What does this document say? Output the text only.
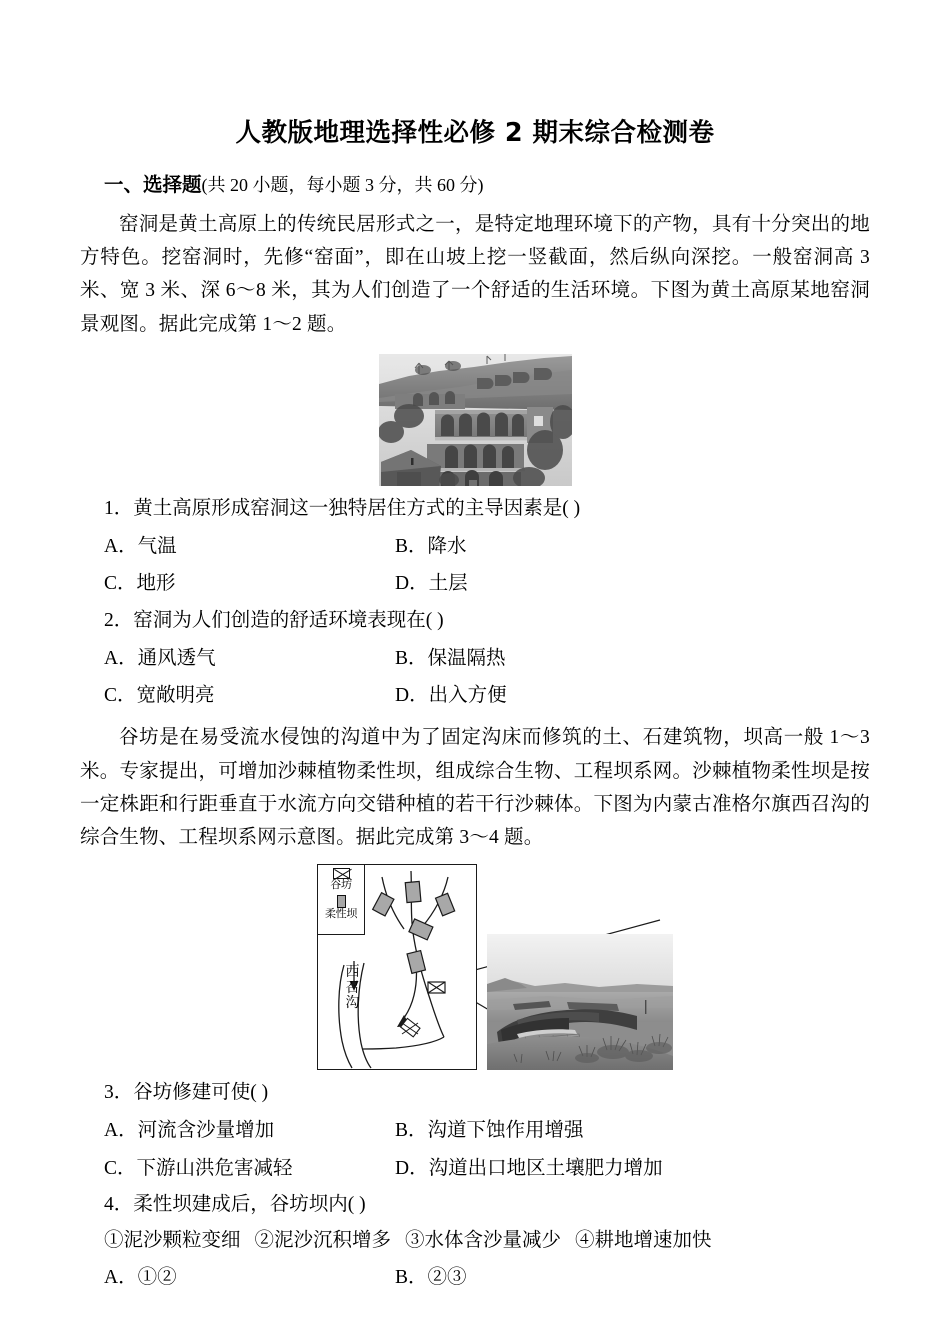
人教版地理选择性必修 2 期末综合检测卷

一、选择题(共 20 小题，每小题 3 分，共 60 分)

窑洞是黄土高原上的传统民居形式之一，是特定地理环境下的产物，具有十分突出的地方特色。挖窑洞时，先修“窑面”，即在山坡上挖一竖截面，然后纵向深挖。一般窑洞高 3 米、宽 3 米、深 6～8 米，其为人们创造了一个舒适的生活环境。下图为黄土高原某地窑洞景观图。据此完成第 1～2 题。

1．黄土高原形成窑洞这一独特居住方式的主导因素是( )

A．气温	B．降水
C．地形	D．土层

2．窑洞为人们创造的舒适环境表现在( )

A．通风透气	B．保温隔热
C．宽敞明亮	D．出入方便

谷坊是在易受流水侵蚀的沟道中为了固定沟床而修筑的土、石建筑物，坝高一般 1～3 米。专家提出，可增加沙棘植物柔性坝，组成综合生物、工程坝系网。沙棘植物柔性坝是按一定株距和行距垂直于水流方向交错种植的若干行沙棘体。下图为内蒙古准格尔旗西召沟的综合生物、工程坝系网示意图。据此完成第 3～4 题。

谷坊
柔性坝
西召沟

3．谷坊修建可使( )

A．河流含沙量增加	B．沟道下蚀作用增强
C．下游山洪危害减轻	D．沟道出口地区土壤肥力增加

4．柔性坝建成后，谷坊坝内( )

①泥沙颗粒变细 ②泥沙沉积增多 ③水体含沙量减少 ④耕地增速加快

A．①②	B．②③
